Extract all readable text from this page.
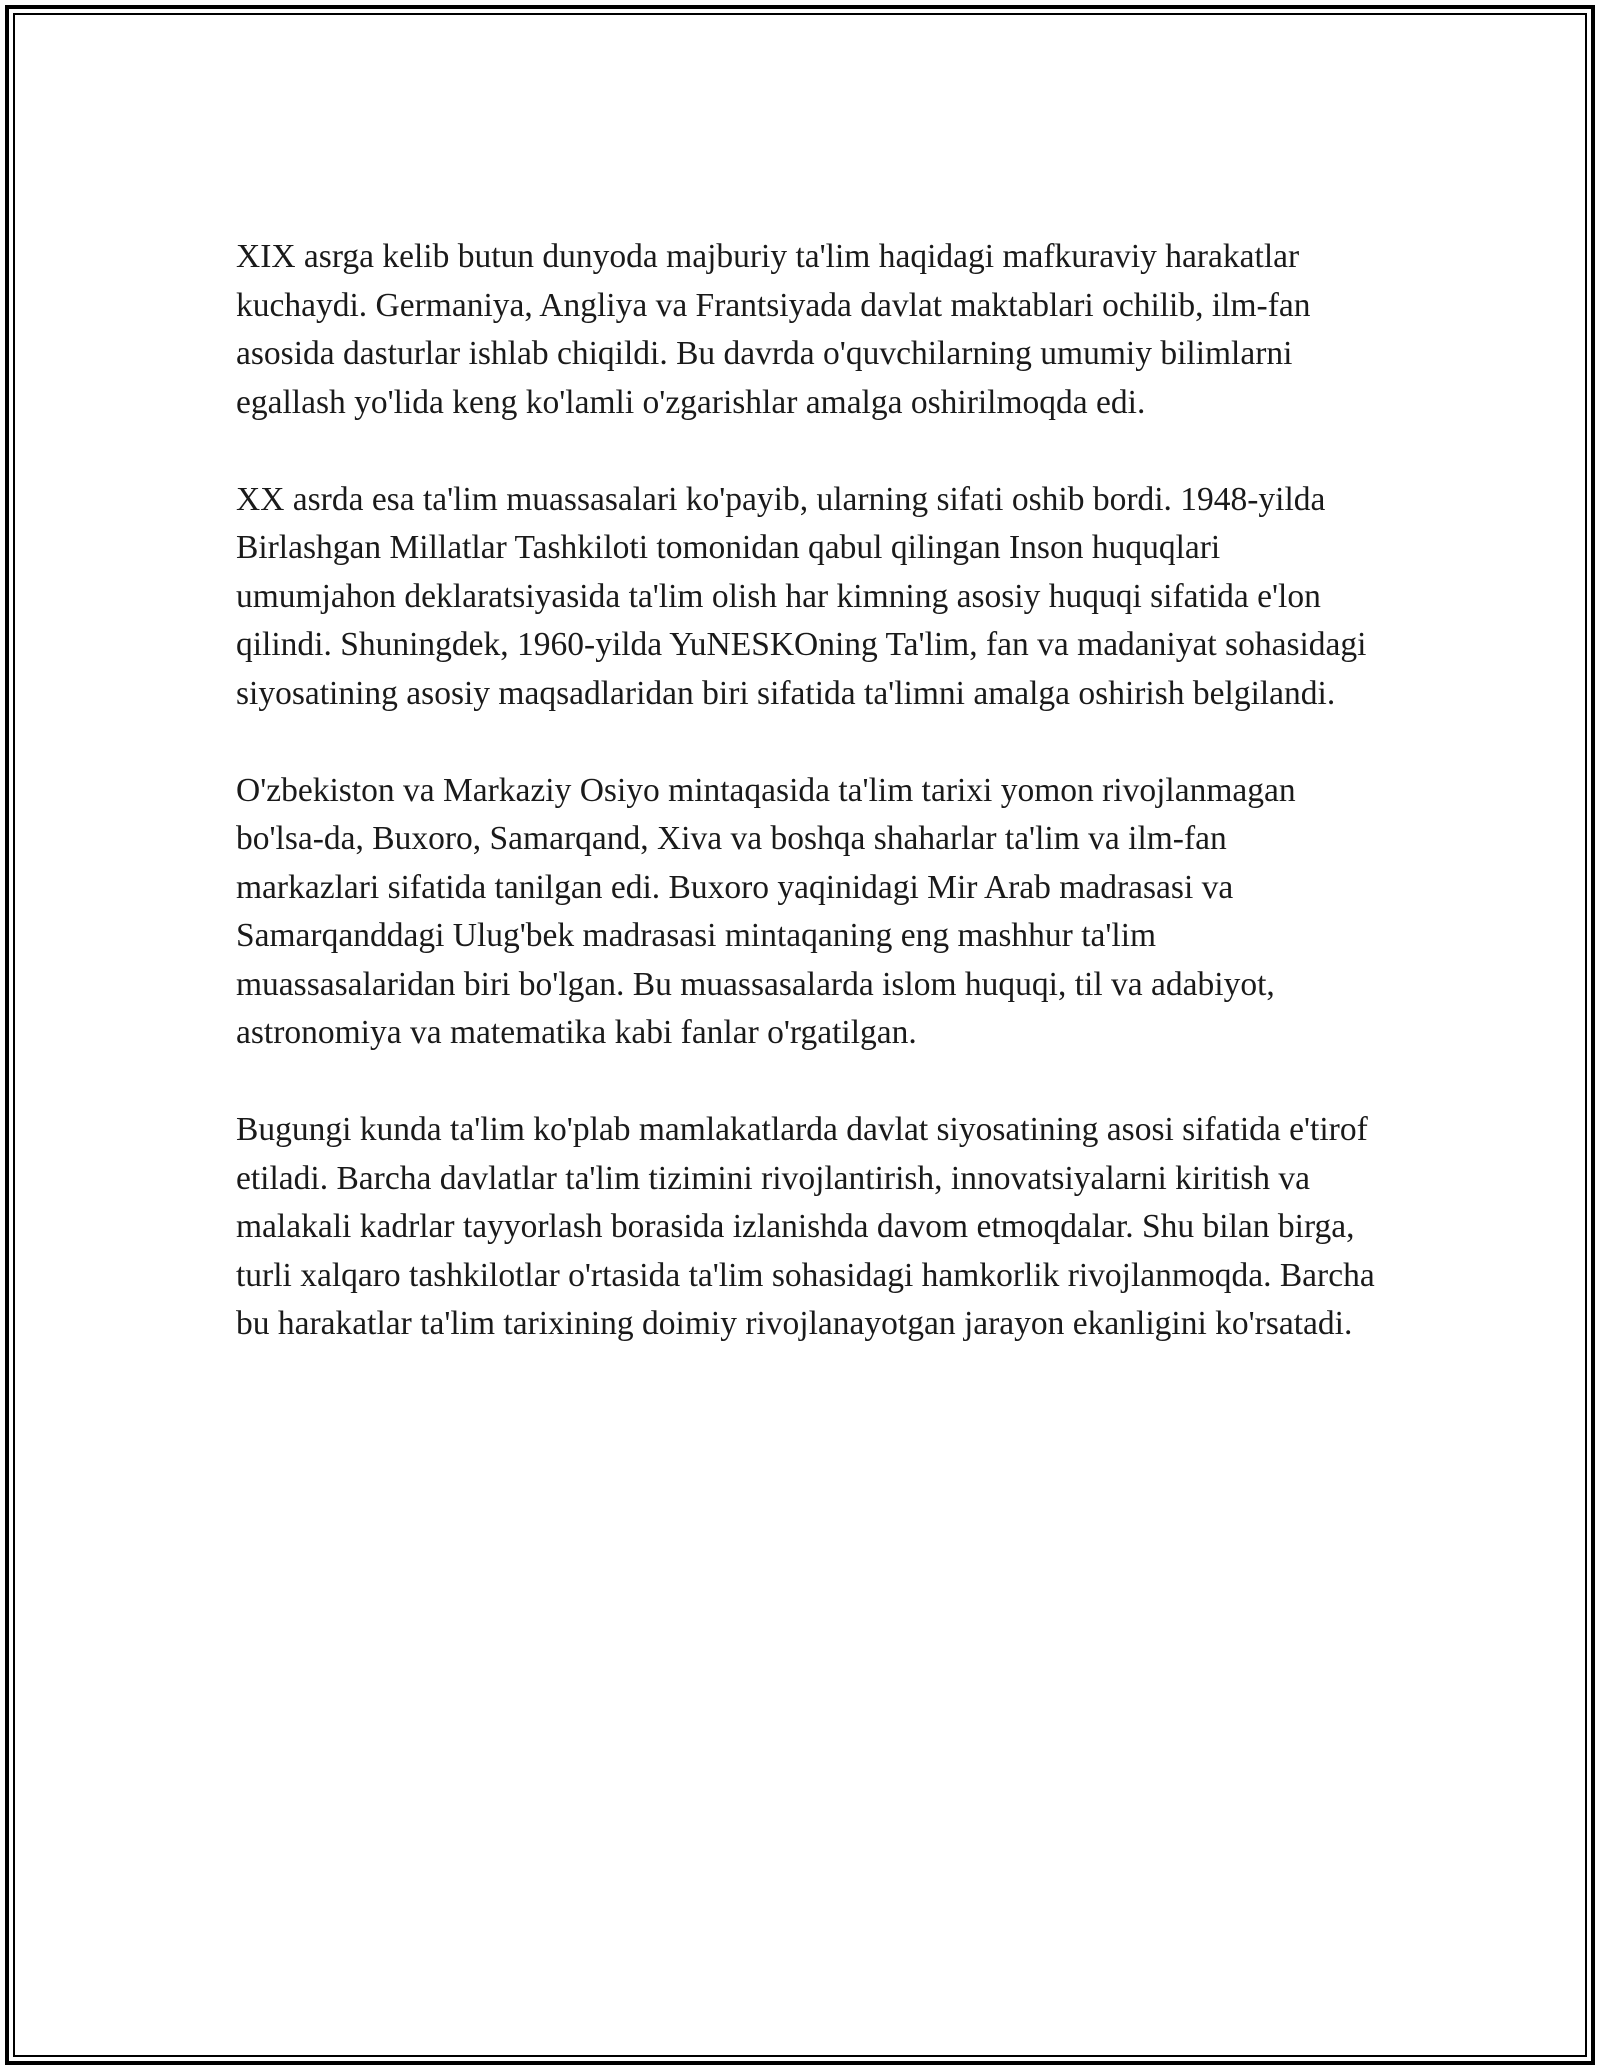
XIX asrga kelib butun dunyoda majburiy ta'lim haqidagi mafkuraviy harakatlar kuchaydi. Germaniya, Angliya va Frantsiyada davlat maktablari ochilib, ilm-fan asosida dasturlar ishlab chiqildi. Bu davrda o'quvchilarning umumiy bilimlarni egallash yo'lida keng ko'lamli o'zgarishlar amalga oshirilmoqda edi.

XX asrda esa ta'lim muassasalari ko'payib, ularning sifati oshib bordi. 1948-yilda Birlashgan Millatlar Tashkiloti tomonidan qabul qilingan Inson huquqlari umumjahon deklaratsiyasida ta'lim olish har kimning asosiy huquqi sifatida e'lon qilindi. Shuningdek, 1960-yilda YuNESKOning Ta'lim, fan va madaniyat sohasidagi siyosatining asosiy maqsadlaridan biri sifatida ta'limni amalga oshirish belgilandi.

O'zbekiston va Markaziy Osiyo mintaqasida ta'lim tarixi yomon rivojlanmagan bo'lsa-da, Buxoro, Samarqand, Xiva va boshqa shaharlar ta'lim va ilm-fan markazlari sifatida tanilgan edi. Buxoro yaqinidagi Mir Arab madrasasi va Samarqanddagi Ulug'bek madrasasi mintaqaning eng mashhur ta'lim muassasalaridan biri bo'lgan. Bu muassasalarda islom huquqi, til va adabiyot, astronomiya va matematika kabi fanlar o'rgatilgan.

Bugungi kunda ta'lim ko'plab mamlakatlarda davlat siyosatining asosi sifatida e'tirof etiladi. Barcha davlatlar ta'lim tizimini rivojlantirish, innovatsiyalarni kiritish va malakali kadrlar tayyorlash borasida izlanishda davom etmoqdalar. Shu bilan birga, turli xalqaro tashkilotlar o'rtasida ta'lim sohasidagi hamkorlik rivojlanmoqda. Barcha bu harakatlar ta'lim tarixining doimiy rivojlanayotgan jarayon ekanligini ko'rsatadi.
